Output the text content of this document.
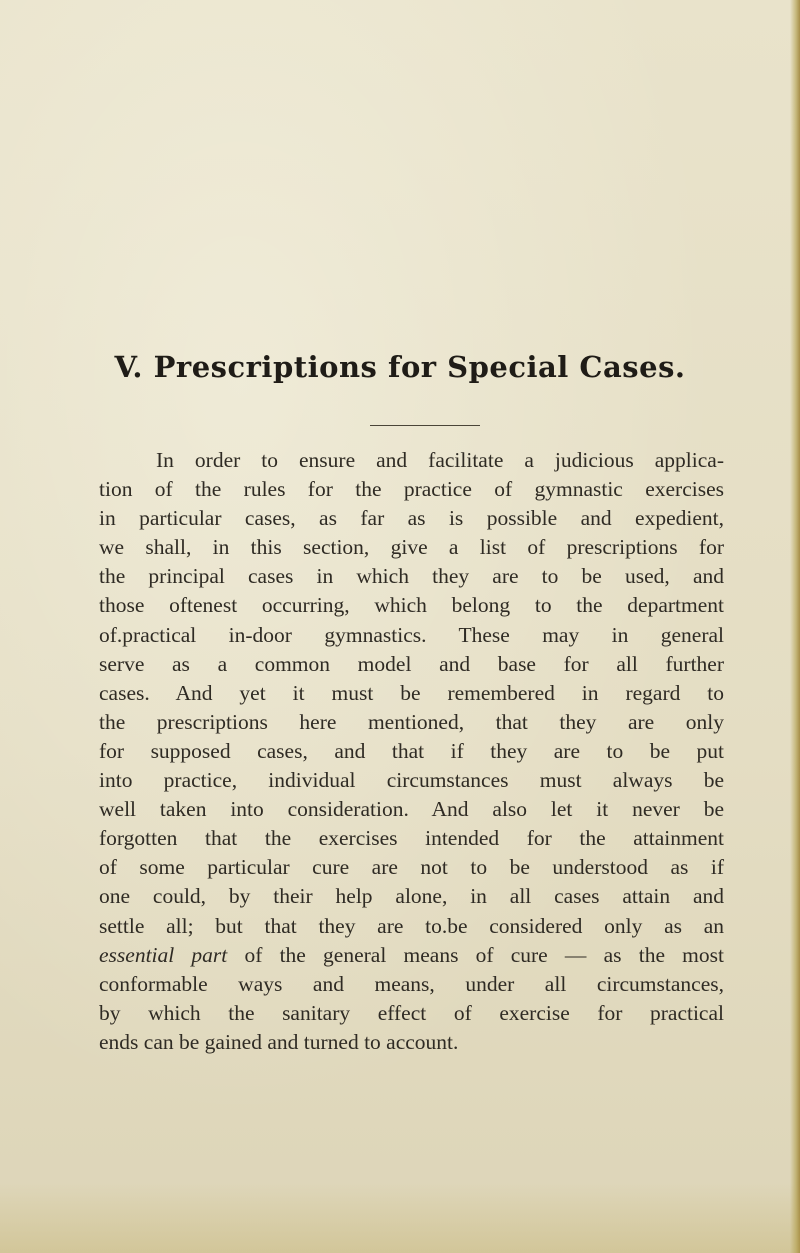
V. Prescriptions for Special Cases.
In order to ensure and facilitate a judicious applica-
tion of the rules for the practice of gymnastic exercises
in particular cases, as far as is possible and expedient,
we shall, in this section, give a list of prescriptions for
the principal cases in which they are to be used, and
those oftenest occurring, which belong to the department
of.practical in-door gymnastics. These may in general
serve as a common model and base for all further
cases. And yet it must be remembered in regard to
the prescriptions here mentioned, that they are only
for supposed cases, and that if they are to be put
into practice, individual circumstances must always be
well taken into consideration. And also let it never be
forgotten that the exercises intended for the attainment
of some particular cure are not to be understood as if
one could, by their help alone, in all cases attain and
settle all; but that they are to.be considered only as an
essential part of the general means of cure — as the most
conformable ways and means, under all circumstances,
by which the sanitary effect of exercise for practical
ends can be gained and turned to account.
